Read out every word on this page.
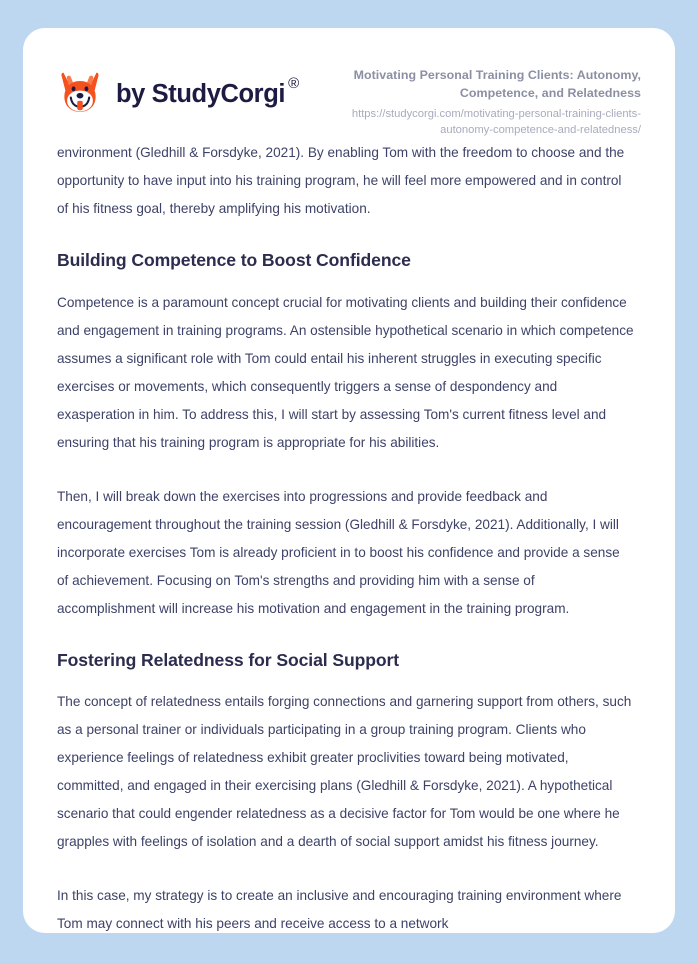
by StudyCorgi ®

Motivating Personal Training Clients: Autonomy, Competence, and Relatedness

https://studycorgi.com/motivating-personal-training-clients-autonomy-competence-and-relatedness/

environment (Gledhill & Forsdyke, 2021). By enabling Tom with the freedom to choose and the opportunity to have input into his training program, he will feel more empowered and in control of his fitness goal, thereby amplifying his motivation.

Building Competence to Boost Confidence

Competence is a paramount concept crucial for motivating clients and building their confidence and engagement in training programs. An ostensible hypothetical scenario in which competence assumes a significant role with Tom could entail his inherent struggles in executing specific exercises or movements, which consequently triggers a sense of despondency and exasperation in him. To address this, I will start by assessing Tom's current fitness level and ensuring that his training program is appropriate for his abilities.

Then, I will break down the exercises into progressions and provide feedback and encouragement throughout the training session (Gledhill & Forsdyke, 2021). Additionally, I will incorporate exercises Tom is already proficient in to boost his confidence and provide a sense of achievement. Focusing on Tom's strengths and providing him with a sense of accomplishment will increase his motivation and engagement in the training program.

Fostering Relatedness for Social Support

The concept of relatedness entails forging connections and garnering support from others, such as a personal trainer or individuals participating in a group training program. Clients who experience feelings of relatedness exhibit greater proclivities toward being motivated, committed, and engaged in their exercising plans (Gledhill & Forsdyke, 2021). A hypothetical scenario that could engender relatedness as a decisive factor for Tom would be one where he grapples with feelings of isolation and a dearth of social support amidst his fitness journey.

In this case, my strategy is to create an inclusive and encouraging training environment where Tom may connect with his peers and receive access to a network
